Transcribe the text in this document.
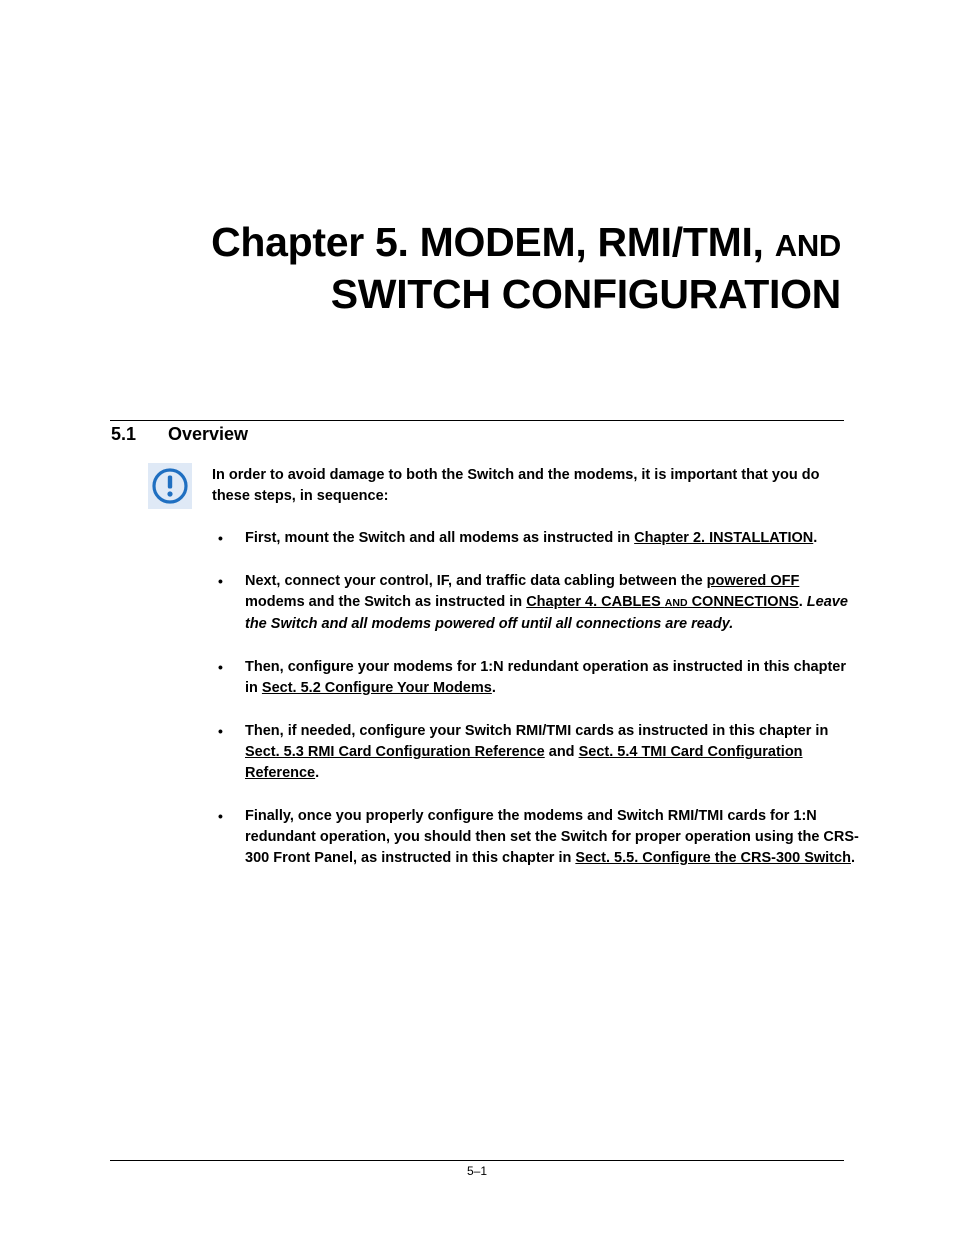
Chapter 5. MODEM, RMI/TMI, AND
SWITCH CONFIGURATION
5.1 Overview

In order to avoid damage to both the Switch and the modems, it is important that you do these steps, in sequence:

• First, mount the Switch and all modems as instructed in Chapter 2. INSTALLATION.
• Next, connect your control, IF, and traffic data cabling between the powered OFF modems and the Switch as instructed in Chapter 4. CABLES AND CONNECTIONS. Leave the Switch and all modems powered off until all connections are ready.
• Then, configure your modems for 1:N redundant operation as instructed in this chapter in Sect. 5.2 Configure Your Modems.
• Then, if needed, configure your Switch RMI/TMI cards as instructed in this chapter in Sect. 5.3 RMI Card Configuration Reference and Sect. 5.4 TMI Card Configuration Reference.
• Finally, once you properly configure the modems and Switch RMI/TMI cards for 1:N redundant operation, you should then set the Switch for proper operation using the CRS-300 Front Panel, as instructed in this chapter in Sect. 5.5. Configure the CRS-300 Switch.
5–1
